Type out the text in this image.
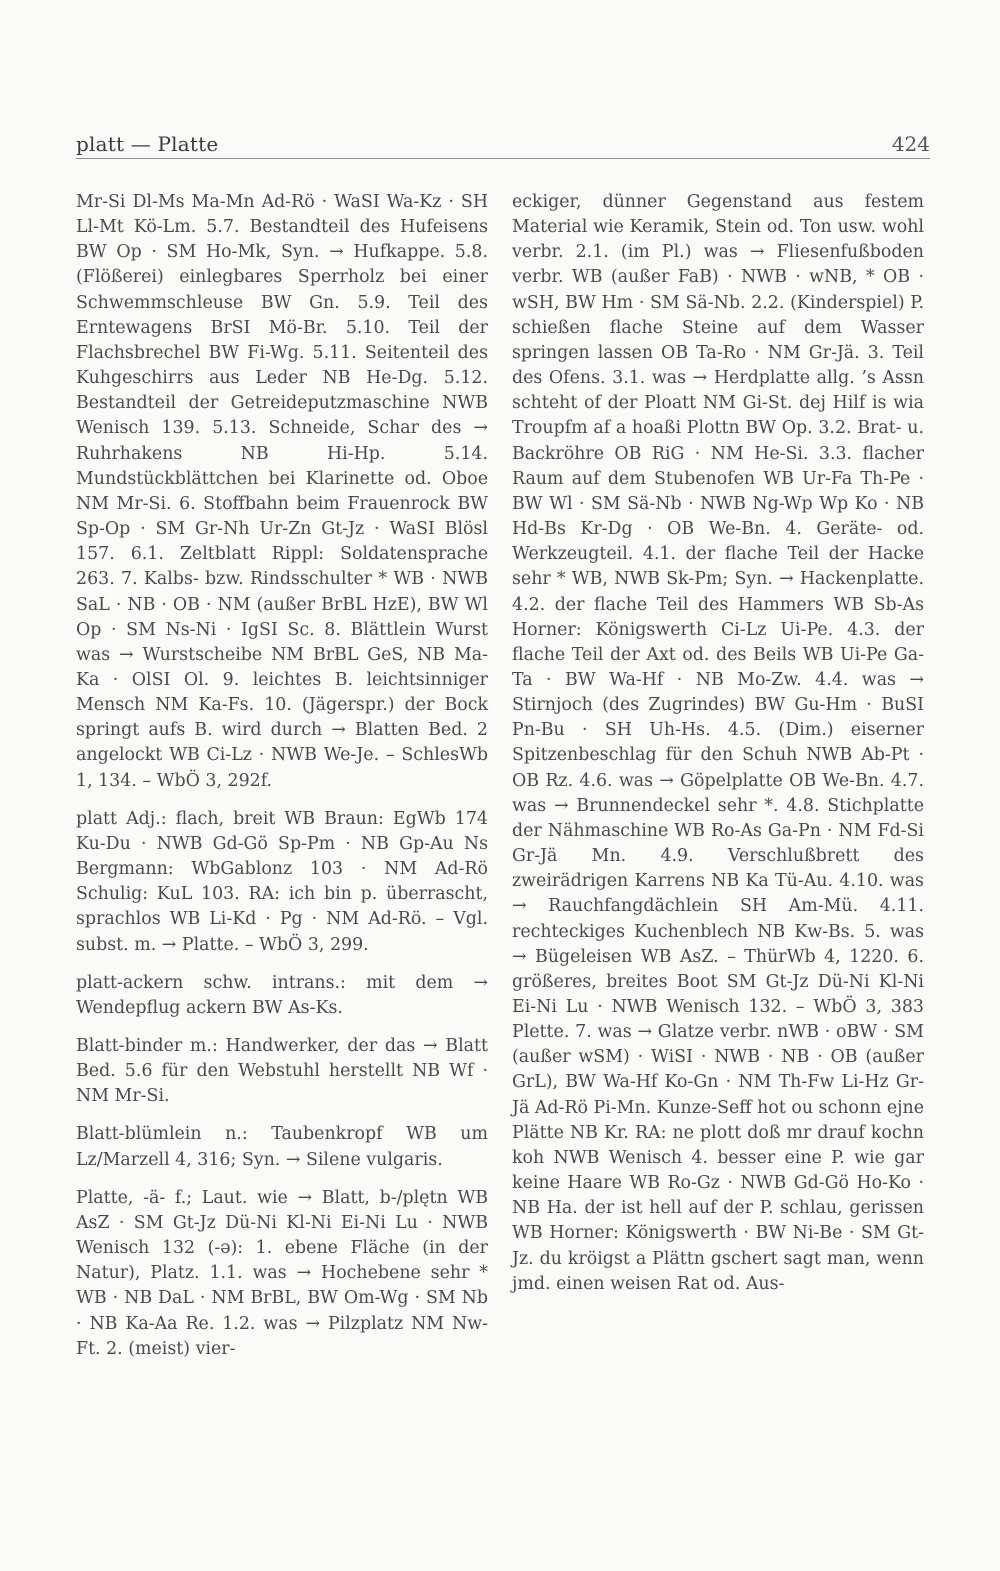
platt — Platte	424

Mr-Si Dl-Ms Ma-Mn Ad-Rö · WaSI Wa-Kz · SH Ll-Mt Kö-Lm. 5.7. Bestandteil des Hufeisens BW Op · SM Ho-Mk, Syn. → Hufkappe. 5.8. (Flößerei) einlegbares Sperrholz bei einer Schwemmschleuse BW Gn. 5.9. Teil des Erntewagens BrSI Mö-Br. 5.10. Teil der Flachsbrechel BW Fi-Wg. 5.11. Seitenteil des Kuhgeschirrs aus Leder NB He-Dg. 5.12. Bestandteil der Getreideputzmaschine NWB Wenisch 139. 5.13. Schneide, Schar des → Ruhrhakens NB Hi-Hp. 5.14. Mundstückblättchen bei Klarinette od. Oboe NM Mr-Si. 6. Stoffbahn beim Frauenrock BW Sp-Op · SM Gr-Nh Ur-Zn Gt-Jz · WaSI Blösl 157. 6.1. Zeltblatt Rippl: Soldatensprache 263. 7. Kalbs- bzw. Rindsschulter * WB · NWB SaL · NB · OB · NM (außer BrBL HzE), BW Wl Op · SM Ns-Ni · IgSI Sc. 8. Blättlein Wurst was → Wurstscheibe NM BrBL GeS, NB Ma-Ka · OlSI Ol. 9. leichtes B. leichtsinniger Mensch NM Ka-Fs. 10. (Jägerspr.) der Bock springt aufs B. wird durch → Blatten Bed. 2 angelockt WB Ci-Lz · NWB We-Je. – SchlesWb 1, 134. – WbÖ 3, 292f.

platt Adj.: flach, breit WB Braun: EgWb 174 Ku-Du · NWB Gd-Gö Sp-Pm · NB Gp-Au Ns Bergmann: WbGablonz 103 · NM Ad-Rö Schulig: KuL 103. RA: ich bin p. überrascht, sprachlos WB Li-Kd · Pg · NM Ad-Rö. – Vgl. subst. m. → Platte. – WbÖ 3, 299.

platt-ackern schw. intrans.: mit dem → Wendepflug ackern BW As-Ks.

Blatt-binder m.: Handwerker, der das → Blatt Bed. 5.6 für den Webstuhl herstellt NB Wf · NM Mr-Si.

Blatt-blümlein n.: Taubenkropf WB um Lz/Marzell 4, 316; Syn. → Silene vulgaris.

Platte, -ä- f.; Laut. wie → Blatt, b-/plętn WB AsZ · SM Gt-Jz Dü-Ni Kl-Ni Ei-Ni Lu · NWB Wenisch 132 (-ə): 1. ebene Fläche (in der Natur), Platz. 1.1. was → Hochebene sehr * WB · NB DaL · NM BrBL, BW Om-Wg · SM Nb · NB Ka-Aa Re. 1.2. was → Pilzplatz NM Nw-Ft. 2. (meist) vier-

eckiger, dünner Gegenstand aus festem Material wie Keramik, Stein od. Ton usw. wohl verbr. 2.1. (im Pl.) was → Fliesenfußboden verbr. WB (außer FaB) · NWB · wNB, * OB · wSH, BW Hm · SM Sä-Nb. 2.2. (Kinderspiel) P. schießen flache Steine auf dem Wasser springen lassen OB Ta-Ro · NM Gr-Jä. 3. Teil des Ofens. 3.1. was → Herdplatte allg. ’s Assn schteht of der Ploatt NM Gi-St. dej Hilf is wia Troupfm af a hoaßi Plottn BW Op. 3.2. Brat- u. Backröhre OB RiG · NM He-Si. 3.3. flacher Raum auf dem Stubenofen WB Ur-Fa Th-Pe · BW Wl · SM Sä-Nb · NWB Ng-Wp Wp Ko · NB Hd-Bs Kr-Dg · OB We-Bn. 4. Geräte- od. Werkzeugteil. 4.1. der flache Teil der Hacke sehr * WB, NWB Sk-Pm; Syn. → Hackenplatte. 4.2. der flache Teil des Hammers WB Sb-As Horner: Königswerth Ci-Lz Ui-Pe. 4.3. der flache Teil der Axt od. des Beils WB Ui-Pe Ga-Ta · BW Wa-Hf · NB Mo-Zw. 4.4. was → Stirnjoch (des Zugrindes) BW Gu-Hm · BuSI Pn-Bu · SH Uh-Hs. 4.5. (Dim.) eiserner Spitzenbeschlag für den Schuh NWB Ab-Pt · OB Rz. 4.6. was → Göpelplatte OB We-Bn. 4.7. was → Brunnendeckel sehr *. 4.8. Stichplatte der Nähmaschine WB Ro-As Ga-Pn · NM Fd-Si Gr-Jä Mn. 4.9. Verschlußbrett des zweirädrigen Karrens NB Ka Tü-Au. 4.10. was → Rauchfangdächlein SH Am-Mü. 4.11. rechteckiges Kuchenblech NB Kw-Bs. 5. was → Bügeleisen WB AsZ. – ThürWb 4, 1220. 6. größeres, breites Boot SM Gt-Jz Dü-Ni Kl-Ni Ei-Ni Lu · NWB Wenisch 132. – WbÖ 3, 383 Plette. 7. was → Glatze verbr. nWB · oBW · SM (außer wSM) · WiSI · NWB · NB · OB (außer GrL), BW Wa-Hf Ko-Gn · NM Th-Fw Li-Hz Gr-Jä Ad-Rö Pi-Mn. Kunze-Seff hot ou schonn ejne Plätte NB Kr. RA: ne plott doß mr drauf kochn koh NWB Wenisch 4. besser eine P. wie gar keine Haare WB Ro-Gz · NWB Gd-Gö Ho-Ko · NB Ha. der ist hell auf der P. schlau, gerissen WB Horner: Königswerth · BW Ni-Be · SM Gt-Jz. du kröigst a Plättn gschert sagt man, wenn jmd. einen weisen Rat od. Aus-
